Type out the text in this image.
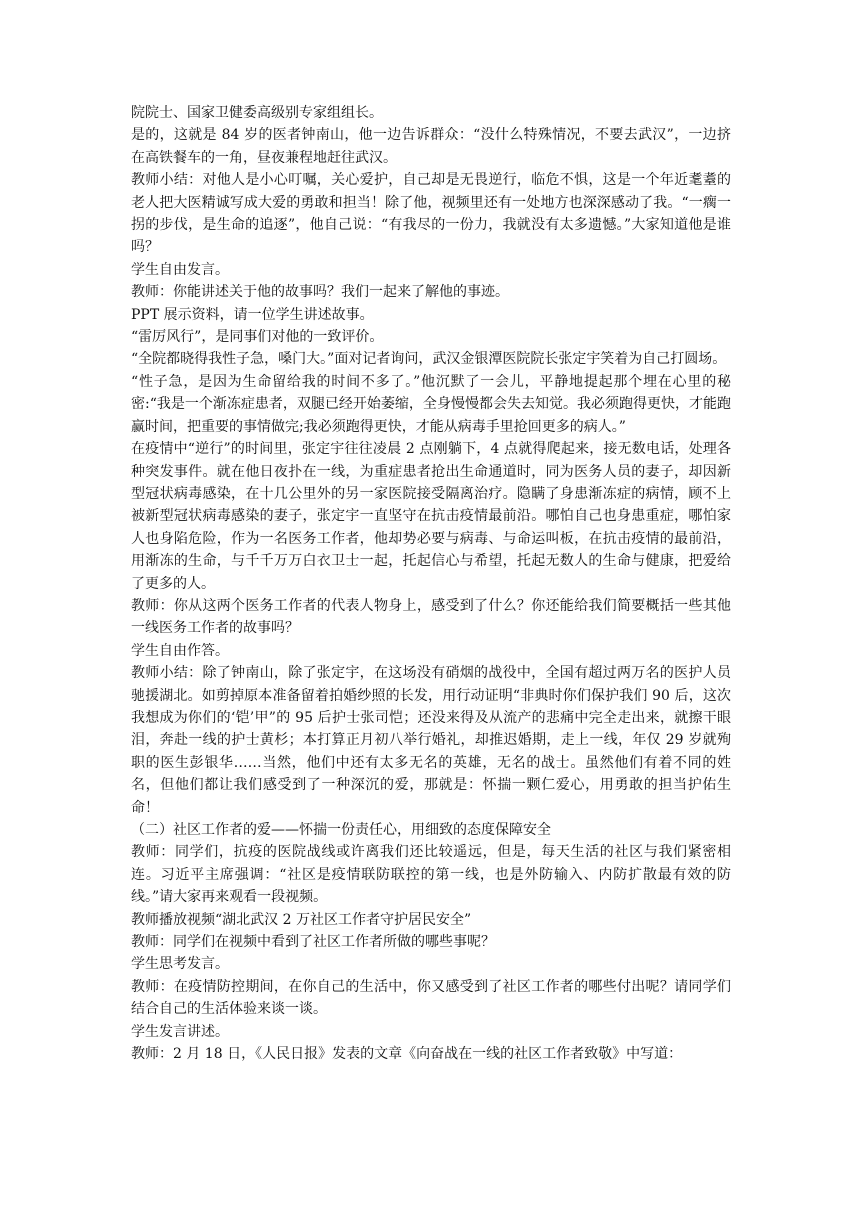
院院士、国家卫健委高级别专家组组长。

是的，这就是 84 岁的医者钟南山，他一边告诉群众：“没什么特殊情况，不要去武汉”，一边挤在高铁餐车的一角，昼夜兼程地赶往武汉。

教师小结：对他人是小心叮嘱，关心爱护，自己却是无畏逆行，临危不惧，这是一个年近耄耋的老人把大医精诚写成大爱的勇敢和担当！除了他，视频里还有一处地方也深深感动了我。“一瘸一拐的步伐，是生命的追逐”，他自己说：“有我尽的一份力，我就没有太多遗憾。”大家知道他是谁吗？

学生自由发言。

教师：你能讲述关于他的故事吗？我们一起来了解他的事迹。

PPT 展示资料，请一位学生讲述故事。

“雷厉风行”，是同事们对他的一致评价。

“全院都晓得我性子急，嗓门大。”面对记者询问，武汉金银潭医院院长张定宇笑着为自己打圆场。

“性子急，是因为生命留给我的时间不多了。”他沉默了一会儿，平静地提起那个埋在心里的秘密:“我是一个渐冻症患者，双腿已经开始萎缩，全身慢慢都会失去知觉。我必须跑得更快，才能跑赢时间，把重要的事情做完;我必须跑得更快，才能从病毒手里抢回更多的病人。”

在疫情中“逆行”的时间里，张定宇往往凌晨 2 点刚躺下，4 点就得爬起来，接无数电话，处理各种突发事件。就在他日夜扑在一线，为重症患者抢出生命通道时，同为医务人员的妻子，却因新型冠状病毒感染，在十几公里外的另一家医院接受隔离治疗。隐瞒了身患渐冻症的病情，顾不上被新型冠状病毒感染的妻子，张定宇一直坚守在抗击疫情最前沿。哪怕自己也身患重症，哪怕家人也身陷危险，作为一名医务工作者，他却势必要与病毒、与命运叫板，在抗击疫情的最前沿，用渐冻的生命，与千千万万白衣卫士一起，托起信心与希望，托起无数人的生命与健康，把爱给了更多的人。

教师：你从这两个医务工作者的代表人物身上，感受到了什么？你还能给我们简要概括一些其他一线医务工作者的故事吗？

学生自由作答。

教师小结：除了钟南山，除了张定宇，在这场没有硝烟的战役中，全国有超过两万名的医护人员驰援湖北。如剪掉原本准备留着拍婚纱照的长发，用行动证明“非典时你们保护我们 90 后，这次我想成为你们的‘铠’甲”的 95 后护士张司恺；还没来得及从流产的悲痛中完全走出来，就擦干眼泪，奔赴一线的护士黄杉；本打算正月初八举行婚礼，却推迟婚期，走上一线，年仅 29 岁就殉职的医生彭银华……当然，他们中还有太多无名的英雄，无名的战士。虽然他们有着不同的姓名，但他们都让我们感受到了一种深沉的爱，那就是：怀揣一颗仁爱心，用勇敢的担当护佑生命！

（二）社区工作者的爱——怀揣一份责任心，用细致的态度保障安全

教师：同学们，抗疫的医院战线或许离我们还比较遥远，但是，每天生活的社区与我们紧密相连。习近平主席强调：“社区是疫情联防联控的第一线，也是外防输入、内防扩散最有效的防线。”请大家再来观看一段视频。

教师播放视频“湖北武汉 2 万社区工作者守护居民安全”

教师：同学们在视频中看到了社区工作者所做的哪些事呢？

学生思考发言。

教师：在疫情防控期间，在你自己的生活中，你又感受到了社区工作者的哪些付出呢？请同学们结合自己的生活体验来谈一谈。

学生发言讲述。

教师：2 月 18 日，《人民日报》发表的文章《向奋战在一线的社区工作者致敬》中写道：
